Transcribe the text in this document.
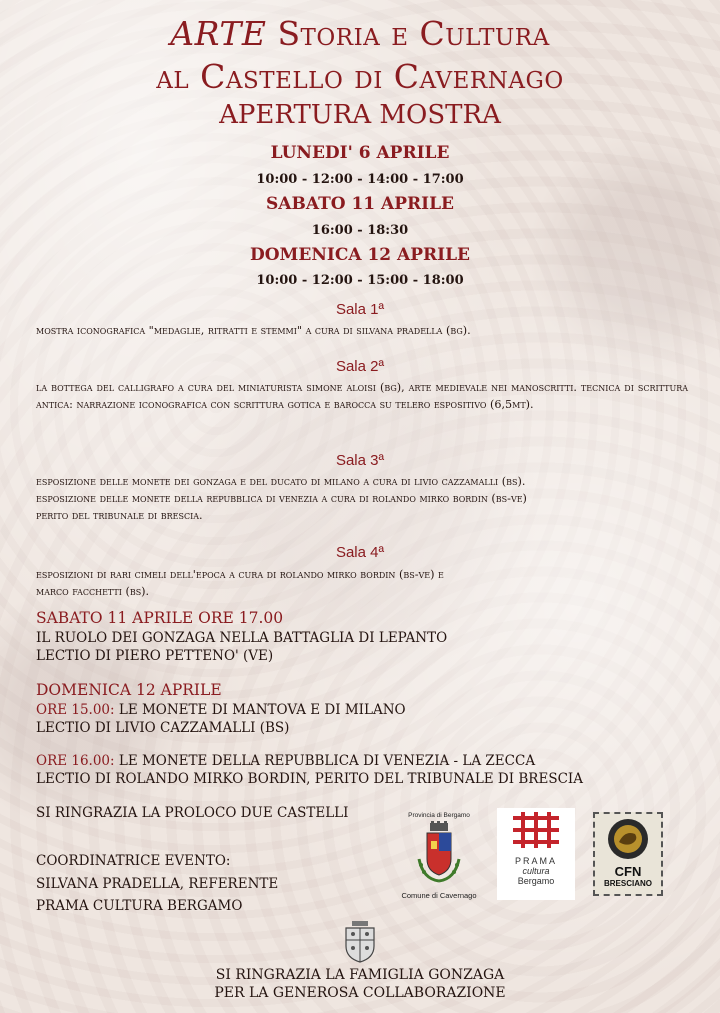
ARTE Storia e Cultura
al Castello di Cavernago
APERTURA MOSTRA
LUNEDI' 6 APRILE
10:00 - 12:00 - 14:00 - 17:00
SABATO 11 APRILE
16:00 - 18:30
DOMENICA 12 APRILE
10:00 - 12:00 - 15:00 - 18:00
Sala 1ª
mostra iconografica "medaglie, ritratti e stemmi" a cura di silvana pradella (bg).
Sala 2ª
la bottega del calligrafo a cura del miniaturista simone aloisi (bg), arte medievale nei manoscritti. tecnica di scrittura antica: narrazione iconografica con scrittura gotica e barocca su telero espositivo (6,5mt).
Sala 3ª
esposizione delle monete dei gonzaga e del ducato di milano a cura di livio cazzamalli (bs).
esposizione delle monete della repubblica di venezia a cura di rolando mirko bordin (bs-ve)
perito del tribunale di brescia.
Sala 4ª
esposizioni di rari cimeli dell'epoca a cura di rolando mirko bordin (bs-ve) e
marco facchetti (bs).
SABATO 11 APRILE ORE 17.00
IL RUOLO DEI GONZAGA NELLA BATTAGLIA DI LEPANTO
LECTIO DI PIERO PETTENO' (VE)
DOMENICA 12 APRILE
ORE 15.00: LE MONETE DI MANTOVA E DI MILANO
LECTIO DI LIVIO CAZZAMALLI (BS)
ORE 16.00: LE MONETE DELLA REPUBBLICA DI VENEZIA - LA ZECCA
LECTIO DI ROLANDO MIRKO BORDIN, PERITO DEL TRIBUNALE DI BRESCIA
SI RINGRAZIA LA PROLOCO DUE CASTELLI
COORDINATRICE EVENTO:
SILVANA PRADELLA, REFERENTE
PRAMA CULTURA BERGAMO
Provincia di Bergamo
Comune di Cavernago
PRAMA
cultura
Bergamo
CFN
BRESCIANO
SI RINGRAZIA LA FAMIGLIA GONZAGA
PER LA GENEROSA COLLABORAZIONE
